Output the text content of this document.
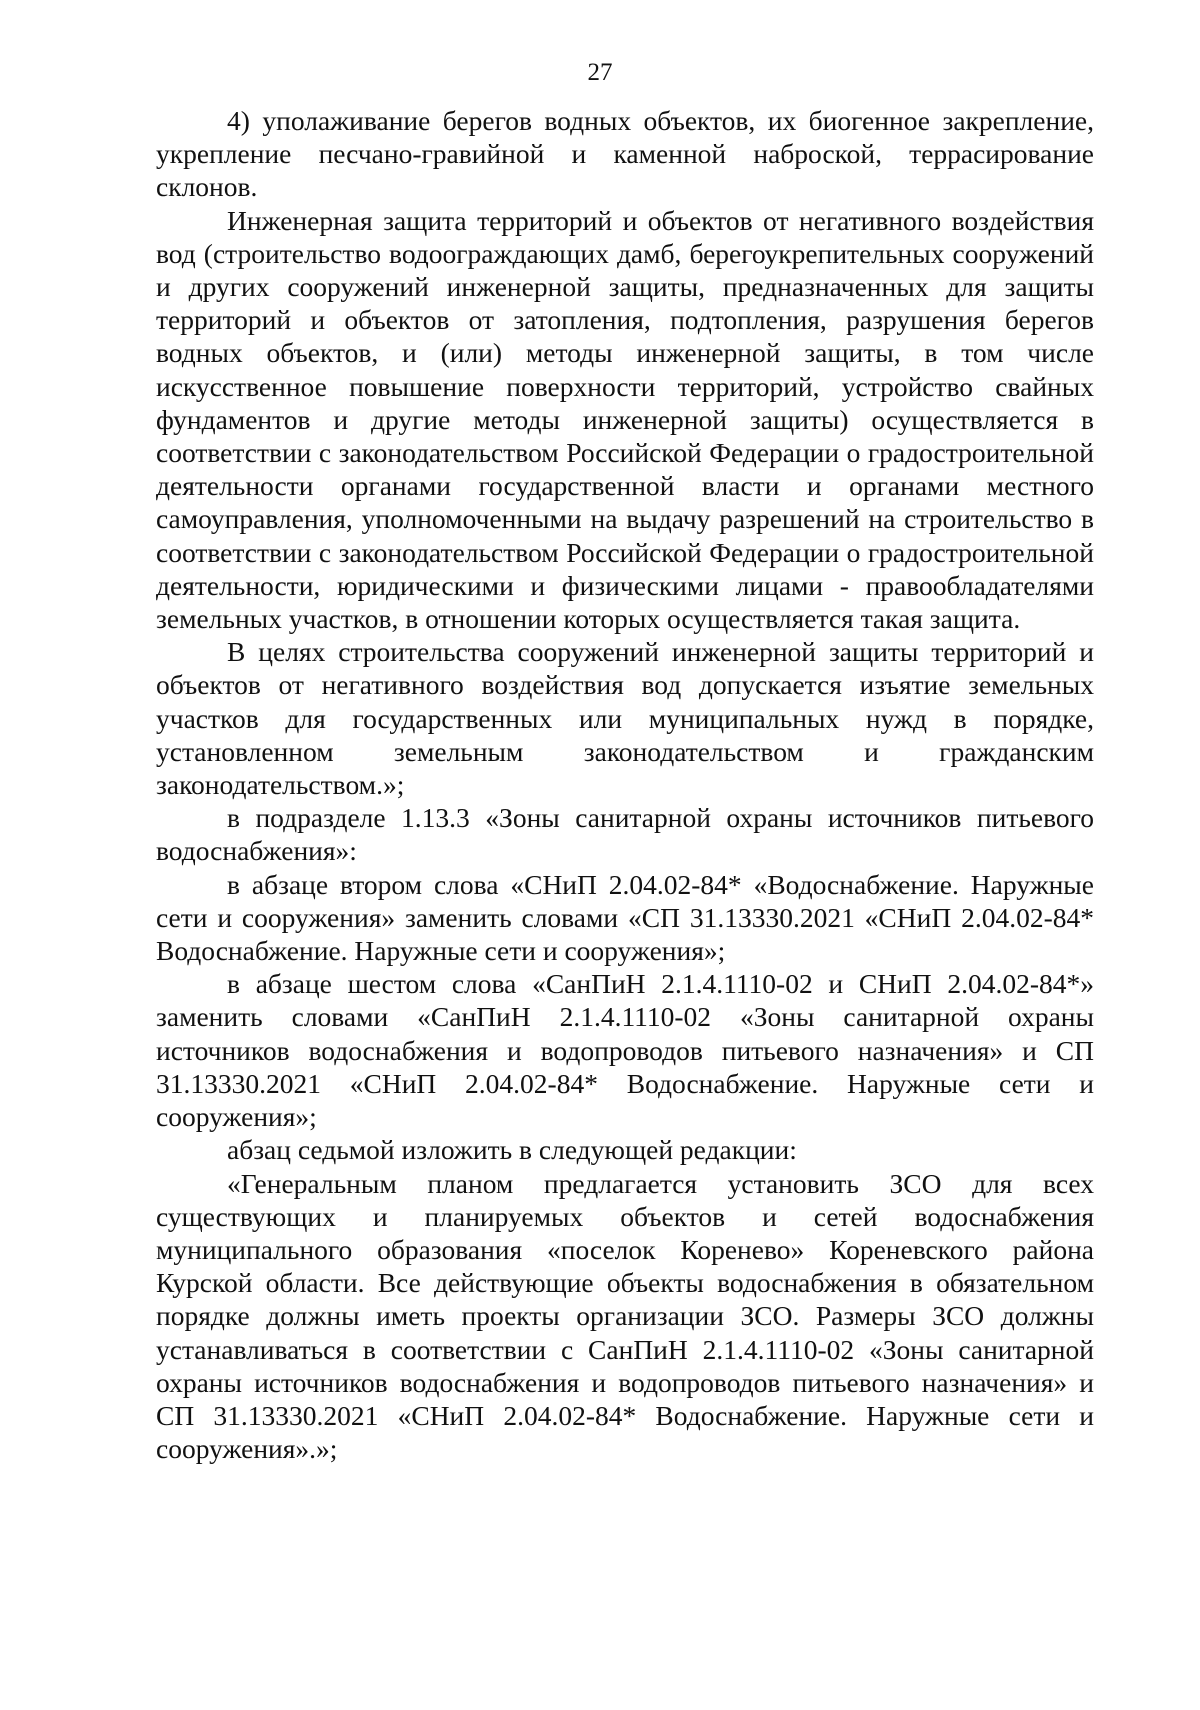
27

4) уполаживание берегов водных объектов, их биогенное закрепление, укрепление песчано-гравийной и каменной наброской, террасирование склонов.

Инженерная защита территорий и объектов от негативного воздействия вод (строительство водоограждающих дамб, берегоукрепительных сооружений и других сооружений инженерной защиты, предназначенных для защиты территорий и объектов от затопления, подтопления, разрушения берегов водных объектов, и (или) методы инженерной защиты, в том числе искусственное повышение поверхности территорий, устройство свайных фундаментов и другие методы инженерной защиты) осуществляется в соответствии с законодательством Российской Федерации о градостроительной деятельности органами государственной власти и органами местного самоуправления, уполномоченными на выдачу разрешений на строительство в соответствии с законодательством Российской Федерации о градостроительной деятельности, юридическими и физическими лицами - правообладателями земельных участков, в отношении которых осуществляется такая защита.

В целях строительства сооружений инженерной защиты территорий и объектов от негативного воздействия вод допускается изъятие земельных участков для государственных или муниципальных нужд в порядке, установленном земельным законодательством и гражданским законодательством.»;

в подразделе 1.13.3 «Зоны санитарной охраны источников питьевого водоснабжения»:

в абзаце втором слова «СНиП 2.04.02-84* «Водоснабжение. Наружные сети и сооружения» заменить словами «СП 31.13330.2021 «СНиП 2.04.02-84* Водоснабжение. Наружные сети и сооружения»;

в абзаце шестом слова «СанПиН 2.1.4.1110-02 и СНиП 2.04.02-84*» заменить словами «СанПиН 2.1.4.1110-02 «Зоны санитарной охраны источников водоснабжения и водопроводов питьевого назначения» и СП 31.13330.2021 «СНиП 2.04.02-84* Водоснабжение. Наружные сети и сооружения»;

абзац седьмой изложить в следующей редакции:

«Генеральным планом предлагается установить ЗСО для всех существующих и планируемых объектов и сетей водоснабжения муниципального образования «поселок Коренево» Кореневского района Курской области. Все действующие объекты водоснабжения в обязательном порядке должны иметь проекты организации ЗСО. Размеры ЗСО должны устанавливаться в соответствии с СанПиН 2.1.4.1110-02 «Зоны санитарной охраны источников водоснабжения и водопроводов питьевого назначения» и СП 31.13330.2021 «СНиП 2.04.02-84* Водоснабжение. Наружные сети и сооружения».»;
